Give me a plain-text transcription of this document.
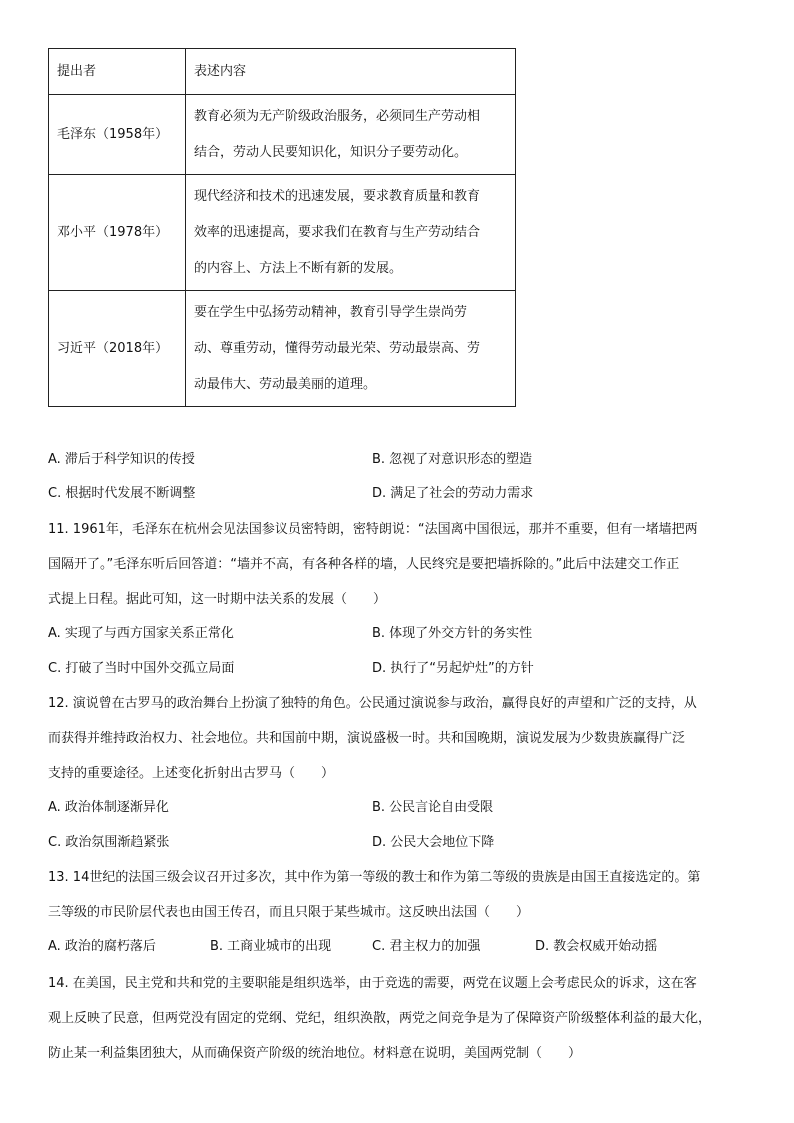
提出者	表述内容
毛泽东（1958年）	教育必须为无产阶级政治服务，必须同生产劳动相
结合，劳动人民要知识化，知识分子要劳动化。

邓小平（1978年）	现代经济和技术的迅速发展，要求教育质量和教育
效率的迅速提高，要求我们在教育与生产劳动结合
的内容上、方法上不断有新的发展。

习近平（2018年）	要在学生中弘扬劳动精神，教育引导学生崇尚劳
动、尊重劳动，懂得劳动最光荣、劳动最崇高、劳
动最伟大、劳动最美丽的道理。
A. 滞后于科学知识的传授	B. 忽视了对意识形态的塑造
C. 根据时代发展不断调整	D. 满足了社会的劳动力需求
11. 1961年，毛泽东在杭州会见法国参议员密特朗，密特朗说：“法国离中国很远，那并不重要，但有一堵墙把两
国隔开了。”毛泽东听后回答道：“墙并不高，有各种各样的墙，人民终究是要把墙拆除的。”此后中法建交工作正
式提上日程。据此可知，这一时期中法关系的发展（　　）
A. 实现了与西方国家关系正常化	B. 体现了外交方针的务实性
C. 打破了当时中国外交孤立局面	D. 执行了“另起炉灶”的方针
12. 演说曾在古罗马的政治舞台上扮演了独特的角色。公民通过演说参与政治，赢得良好的声望和广泛的支持，从
而获得并维持政治权力、社会地位。共和国前中期，演说盛极一时。共和国晚期，演说发展为少数贵族赢得广泛
支持的重要途径。上述变化折射出古罗马（　　）
A. 政治体制逐渐异化	B. 公民言论自由受限
C. 政治氛围渐趋紧张	D. 公民大会地位下降
13. 14世纪的法国三级会议召开过多次，其中作为第一等级的教士和作为第二等级的贵族是由国王直接选定的。第
三等级的市民阶层代表也由国王传召，而且只限于某些城市。这反映出法国（　　）
A. 政治的腐朽落后	B. 工商业城市的出现	C. 君主权力的加强	D. 教会权威开始动摇
14. 在美国，民主党和共和党的主要职能是组织选举，由于竞选的需要，两党在议题上会考虑民众的诉求，这在客
观上反映了民意，但两党没有固定的党纲、党纪，组织涣散，两党之间竞争是为了保障资产阶级整体利益的最大化，
防止某一利益集团独大，从而确保资产阶级的统治地位。材料意在说明，美国两党制（　　）
